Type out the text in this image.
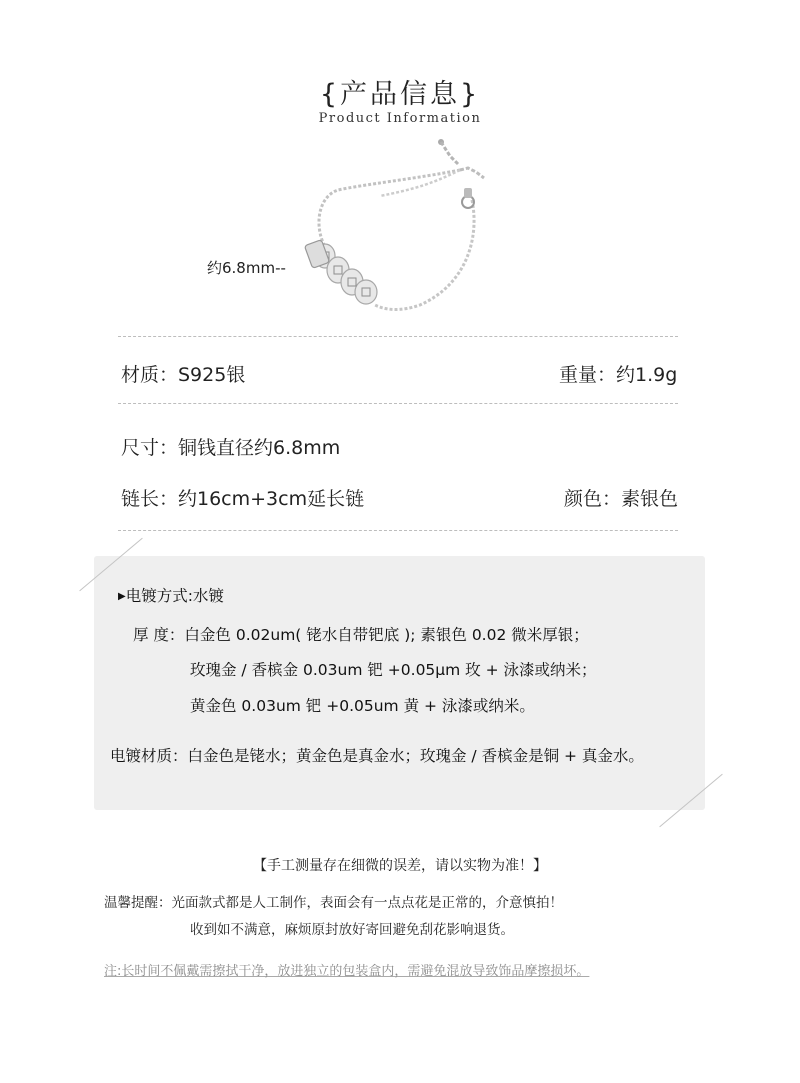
{产品信息}
Product Information
约6.8mm--
材质：S925银	重量：约1.9g
尺寸：铜钱直径约6.8mm
链长：约16cm+3cm延长链	颜色：素银色
▶电镀方式:水镀
厚 度：白金色 0.02um( 铑水自带钯底 ); 素银色 0.02 微米厚银；
玫瑰金 / 香槟金 0.03um 钯 +0.05μm 玫 + 泳漆或纳米；
黄金色 0.03um 钯 +0.05um 黄 + 泳漆或纳米。
电镀材质：白金色是铑水；黄金色是真金水；玫瑰金 / 香槟金是铜 + 真金水。
【手工测量存在细微的误差，请以实物为准！】
温馨提醒：光面款式都是人工制作，表面会有一点点花是正常的，介意慎拍！
收到如不满意，麻烦原封放好寄回避免刮花影响退货。
注:长时间不佩戴需擦拭干净，放进独立的包装盒内，需避免混放导致饰品摩擦损坏。
